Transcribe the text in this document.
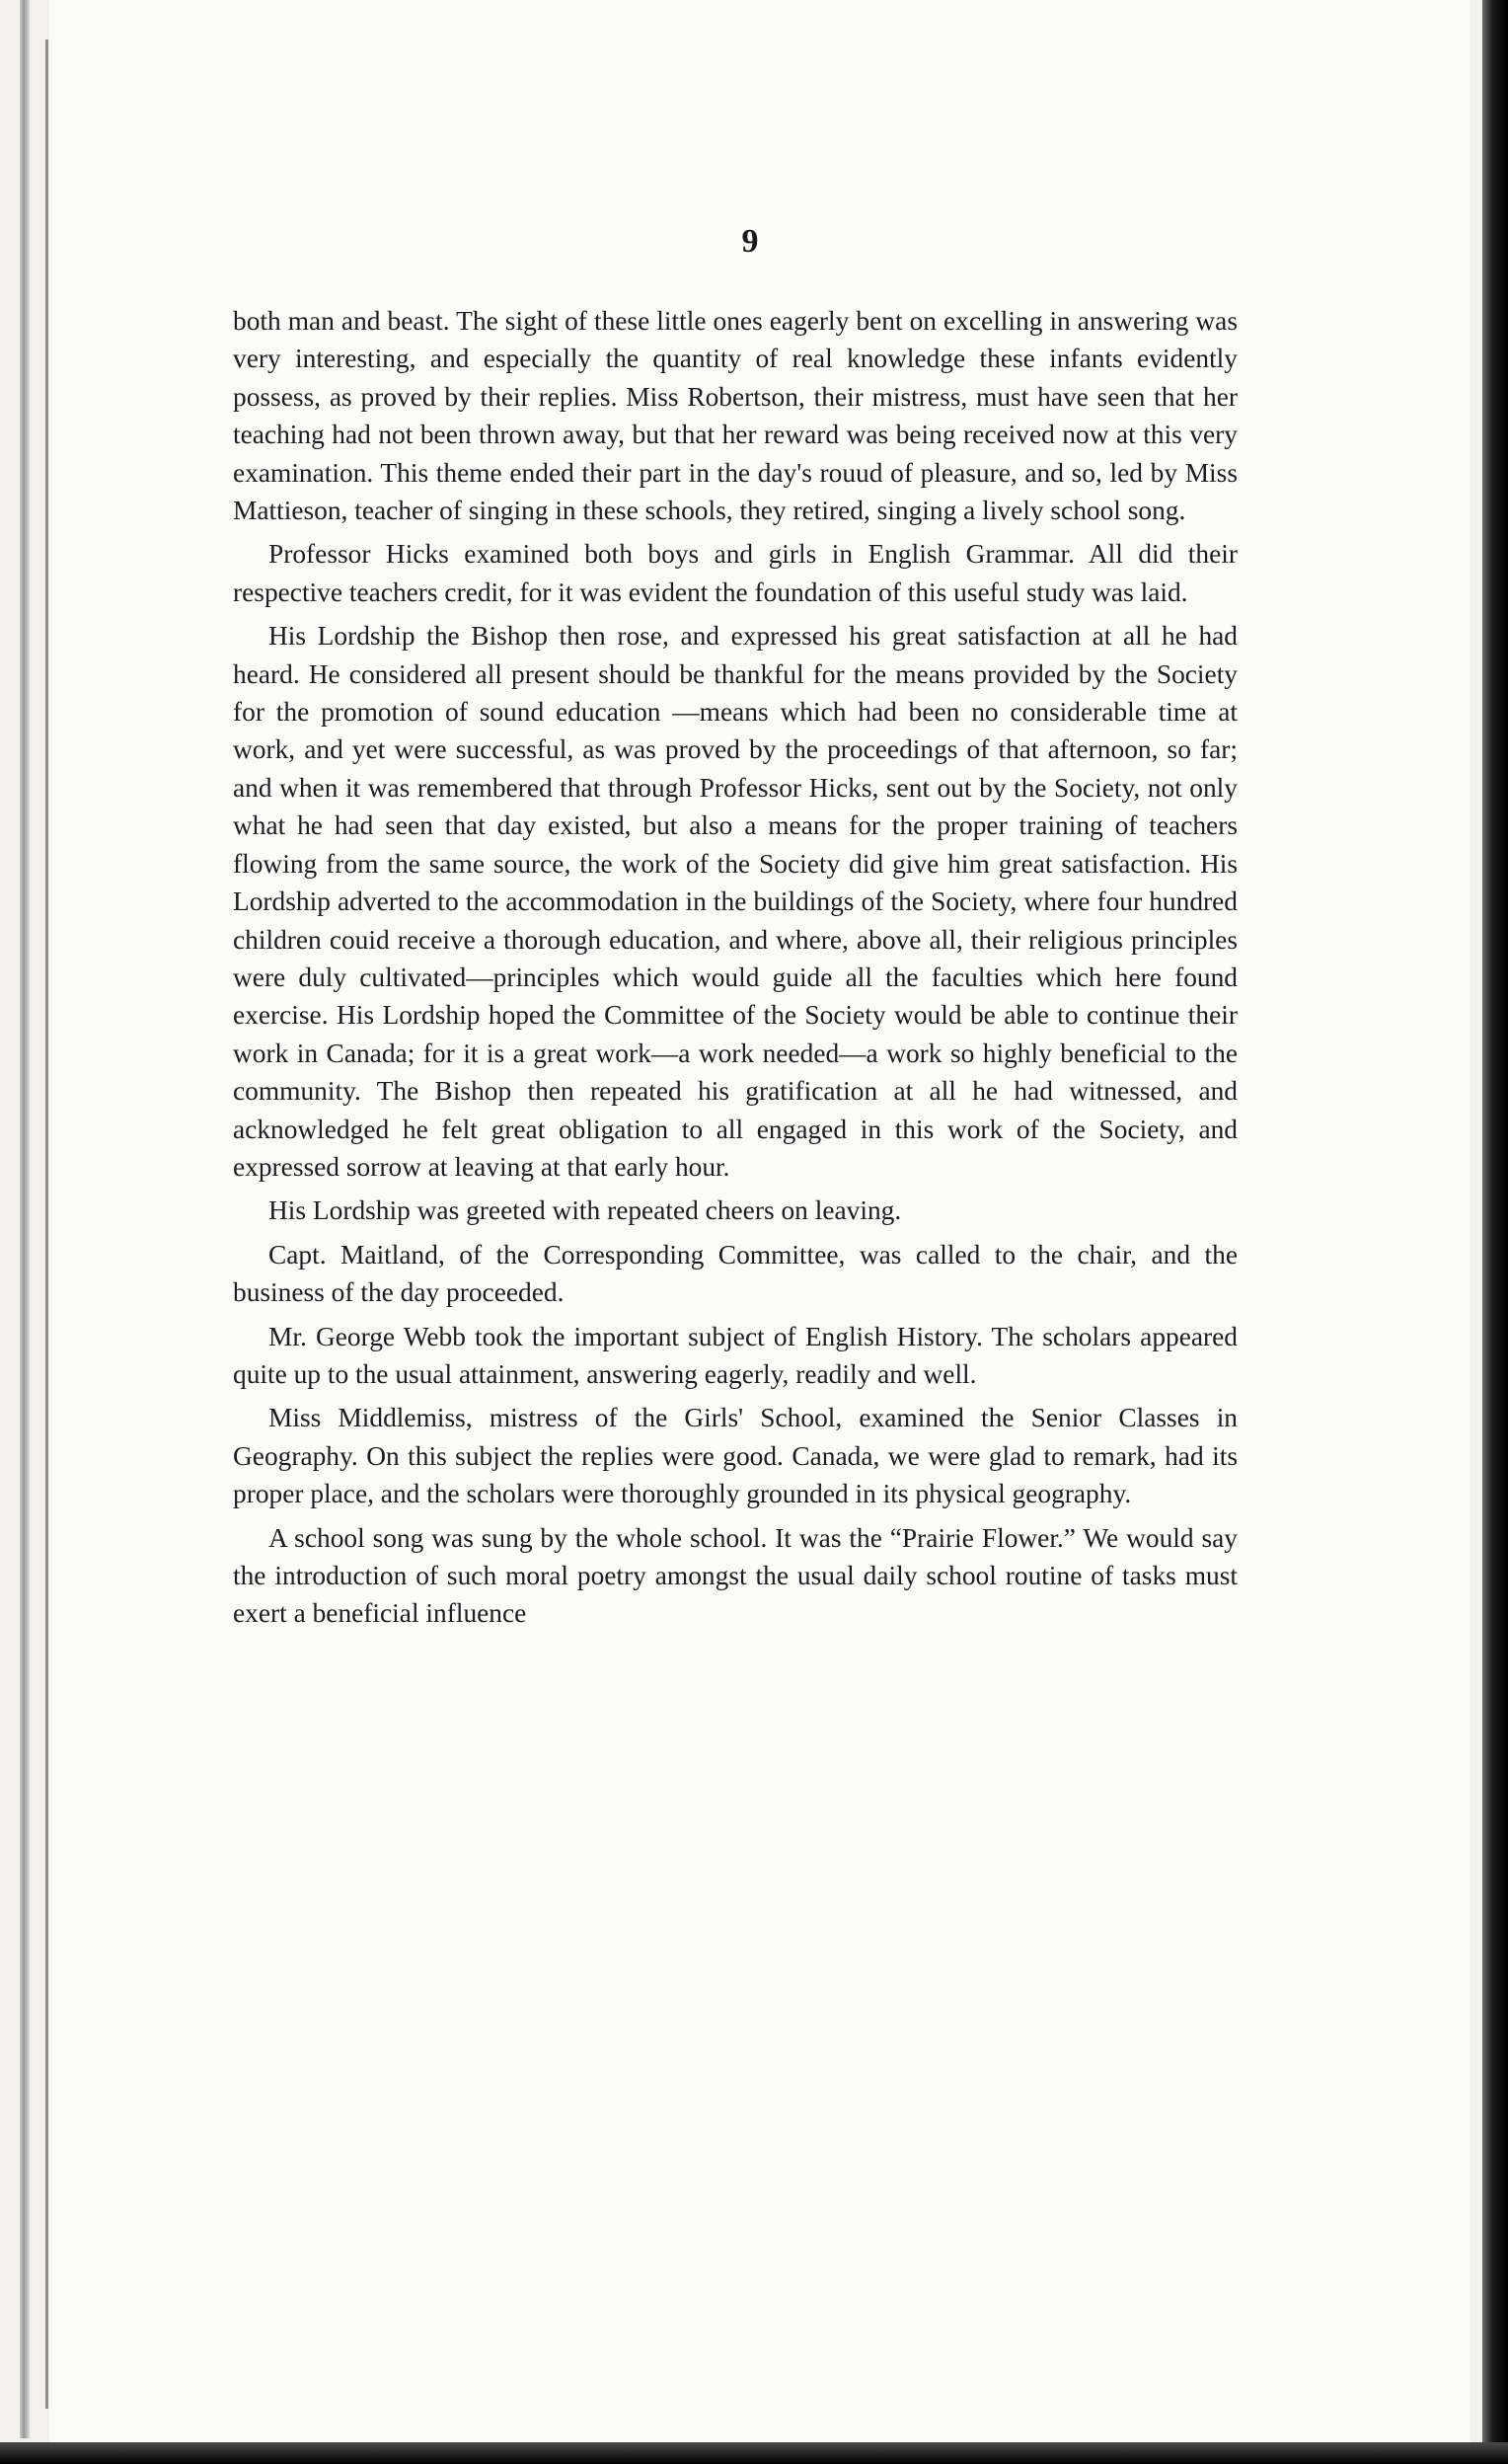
9

both man and beast. The sight of these little ones eagerly bent on excelling in answering was very interesting, and especially the quantity of real knowledge these infants evidently possess, as proved by their replies. Miss Robertson, their mistress, must have seen that her teaching had not been thrown away, but that her reward was being received now at this very examination. This theme ended their part in the day's rouud of pleasure, and so, led by Miss Mattieson, teacher of singing in these schools, they retired, singing a lively school song.

Professor Hicks examined both boys and girls in English Grammar. All did their respective teachers credit, for it was evident the foundation of this useful study was laid.

His Lordship the Bishop then rose, and expressed his great satisfaction at all he had heard. He considered all present should be thankful for the means provided by the Society for the promotion of sound education —means which had been no considerable time at work, and yet were successful, as was proved by the proceedings of that afternoon, so far; and when it was remembered that through Professor Hicks, sent out by the Society, not only what he had seen that day existed, but also a means for the proper training of teachers flowing from the same source, the work of the Society did give him great satisfaction. His Lordship adverted to the accommodation in the buildings of the Society, where four hundred children couid receive a thorough education, and where, above all, their religious principles were duly cultivated—principles which would guide all the faculties which here found exercise. His Lordship hoped the Committee of the Society would be able to continue their work in Canada; for it is a great work—a work needed—a work so highly beneficial to the community. The Bishop then repeated his gratification at all he had witnessed, and acknowledged he felt great obligation to all engaged in this work of the Society, and expressed sorrow at leaving at that early hour.

His Lordship was greeted with repeated cheers on leaving.

Capt. Maitland, of the Corresponding Committee, was called to the chair, and the business of the day proceeded.

Mr. George Webb took the important subject of English History. The scholars appeared quite up to the usual attainment, answering eagerly, readily and well.

Miss Middlemiss, mistress of the Girls' School, examined the Senior Classes in Geography. On this subject the replies were good. Canada, we were glad to remark, had its proper place, and the scholars were thoroughly grounded in its physical geography.

A school song was sung by the whole school. It was the “Prairie Flower.” We would say the introduction of such moral poetry amongst the usual daily school routine of tasks must exert a beneficial influence
